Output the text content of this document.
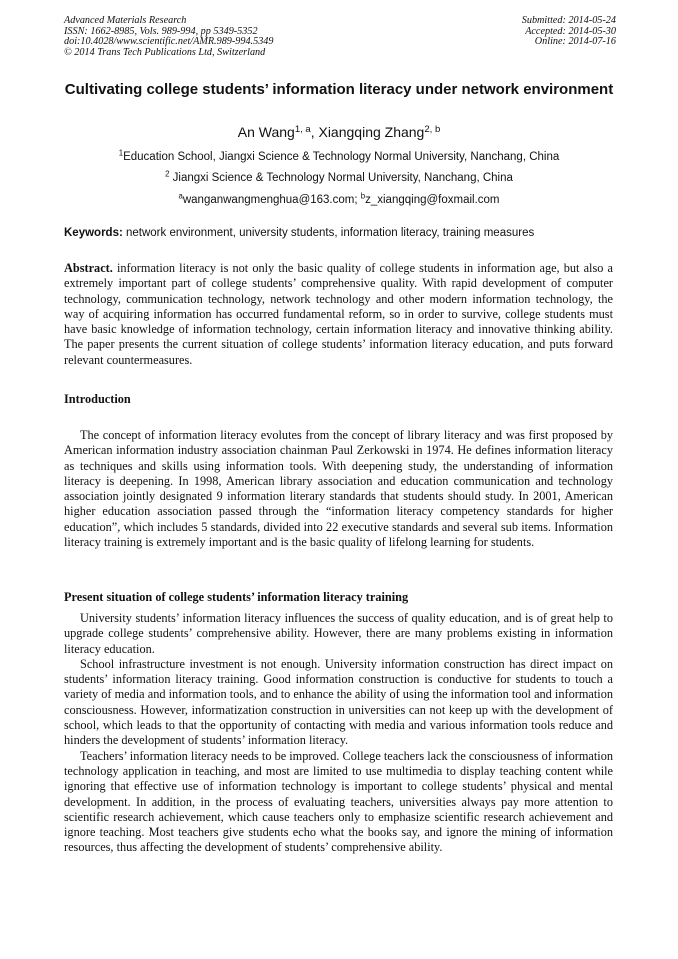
Advanced Materials Research
ISSN: 1662-8985, Vols. 989-994, pp 5349-5352
doi:10.4028/www.scientific.net/AMR.989-994.5349
© 2014 Trans Tech Publications Ltd, Switzerland
Submitted: 2014-05-24
Accepted: 2014-05-30
Online: 2014-07-16
Cultivating college students’ information literacy under network environment
An Wang$^{1, a}$, Xiangqing Zhang$^{2, b}$
$^1$Education School, Jiangxi Science & Technology Normal University, Nanchang, China
$^2$ Jiangxi Science & Technology Normal University, Nanchang, China
$^a$wanganwangmenghua@163.com; $^b$z_xiangqing@foxmail.com
Keywords: network environment, university students, information literacy, training measures

Abstract. information literacy is not only the basic quality of college students in information age, but also a extremely important part of college students’ comprehensive quality. With rapid development of computer technology, communication technology, network technology and other modern information technology, the way of acquiring information has occurred fundamental reform, so in order to survive, college students must have basic knowledge of information technology, certain information literacy and innovative thinking ability. The paper presents the current situation of college students’ information literacy education, and puts forward relevant countermeasures.

Introduction

The concept of information literacy evolutes from the concept of library literacy and was first proposed by American information industry association chainman Paul Zerkowski in 1974. He defines information literacy as techniques and skills using information tools. With deepening study, the understanding of information literacy is deepening. In 1998, American library association and education communication and technology association jointly designated 9 information literary standards that students should study. In 2001, American higher education association passed through the “information literacy competency standards for higher education”, which includes 5 standards, divided into 22 executive standards and several sub items. Information literacy training is extremely important and is the basic quality of lifelong learning for students.

Present situation of college students’ information literacy training

University students’ information literacy influences the success of quality education, and is of great help to upgrade college students’ comprehensive ability. However, there are many problems existing in information literacy education.

School infrastructure investment is not enough. University information construction has direct impact on students’ information literacy training. Good information construction is conductive for students to touch a variety of media and information tools, and to enhance the ability of using the information tool and information consciousness. However, informatization construction in universities can not keep up with the development of school, which leads to that the opportunity of contacting with media and various information tools reduce and hinders the development of students’ information literacy.

Teachers’ information literacy needs to be improved. College teachers lack the consciousness of information technology application in teaching, and most are limited to use multimedia to display teaching content while ignoring that effective use of information technology is important to college students’ physical and mental development. In addition, in the process of evaluating teachers, universities always pay more attention to scientific research achievement, which cause teachers only to emphasize scientific research achievement and ignore teaching. Most teachers give students echo what the books say, and ignore the mining of information resources, thus affecting the development of students’ comprehensive ability.
